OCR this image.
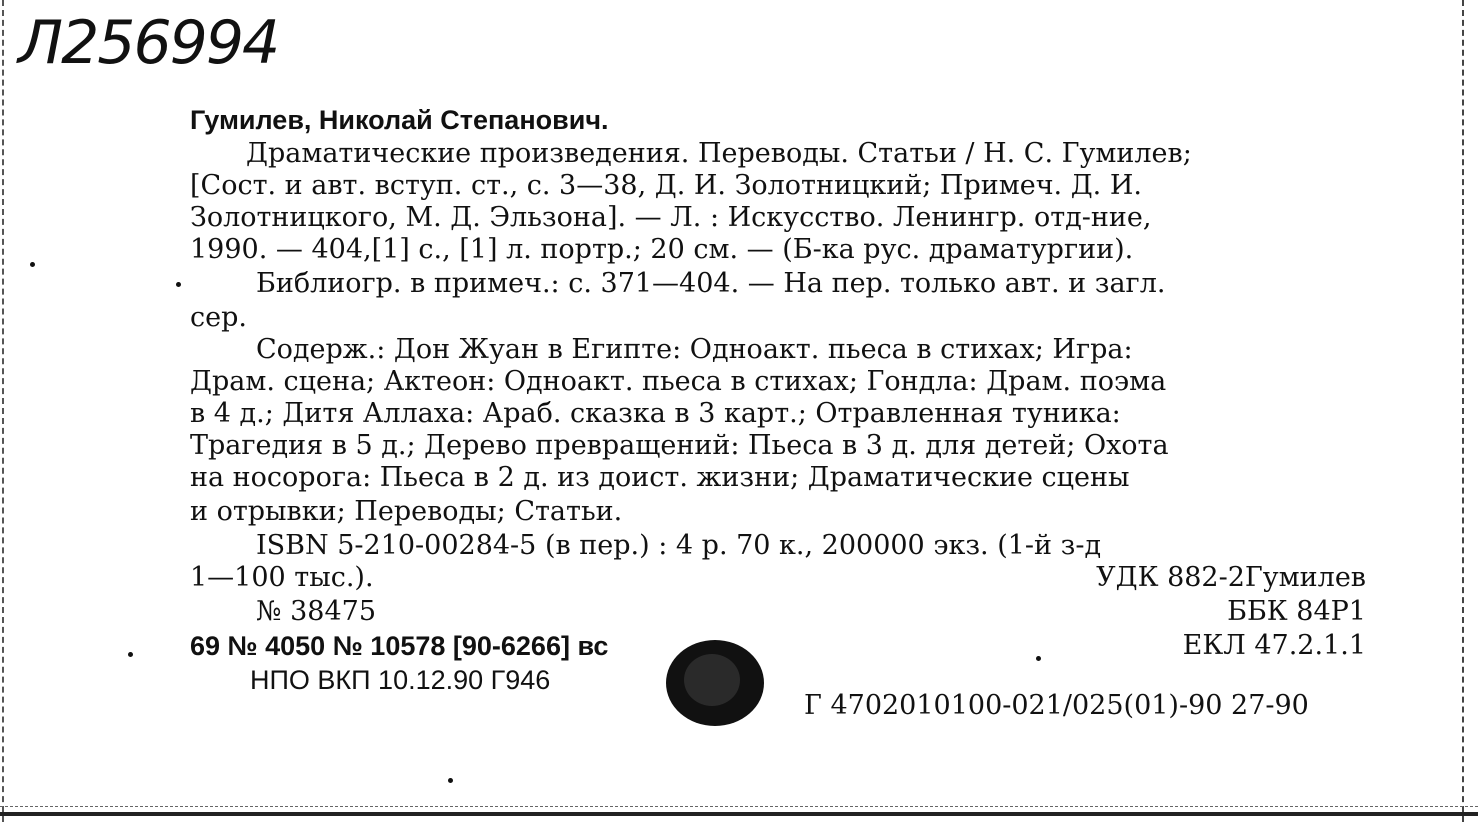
Л256994
Гумилев, Николай Степанович.
Драматические произведения. Переводы. Статьи / Н. С. Гумилев;
[Сост. и авт. вступ. ст., с. 3—38, Д. И. Золотницкий; Примеч. Д. И.
Золотницкого, М. Д. Эльзона]. — Л. : Искусство. Ленингр. отд-ние,
1990. — 404,[1] с., [1] л. портр.; 20 см. — (Б-ка рус. драматургии).
Библиогр. в примеч.: с. 371—404. — На пер. только авт. и загл.
сер.
Содерж.: Дон Жуан в Египте: Одноакт. пьеса в стихах; Игра:
Драм. сцена; Актеон: Одноакт. пьеса в стихах; Гондла: Драм. поэма
в 4 д.; Дитя Аллаха: Араб. сказка в 3 карт.; Отравленная туника:
Трагедия в 5 д.; Дерево превращений: Пьеса в 3 д. для детей; Охота
на носорога: Пьеса в 2 д. из доист. жизни; Драматические сцены
и отрывки; Переводы; Статьи.
ISBN 5-210-00284-5 (в пер.) : 4 р. 70 к., 200000 экз. (1-й з-д
1—100 тыс.).	УДК 882-2Гумилев
№ 38475	ББК 84Р1
69 № 4050 № 10578 [90-6266] вс	ЕКЛ 47.2.1.1
НПО ВКП 10.12.90 Г946
Г 4702010100-021/025(01)-90 27-90
